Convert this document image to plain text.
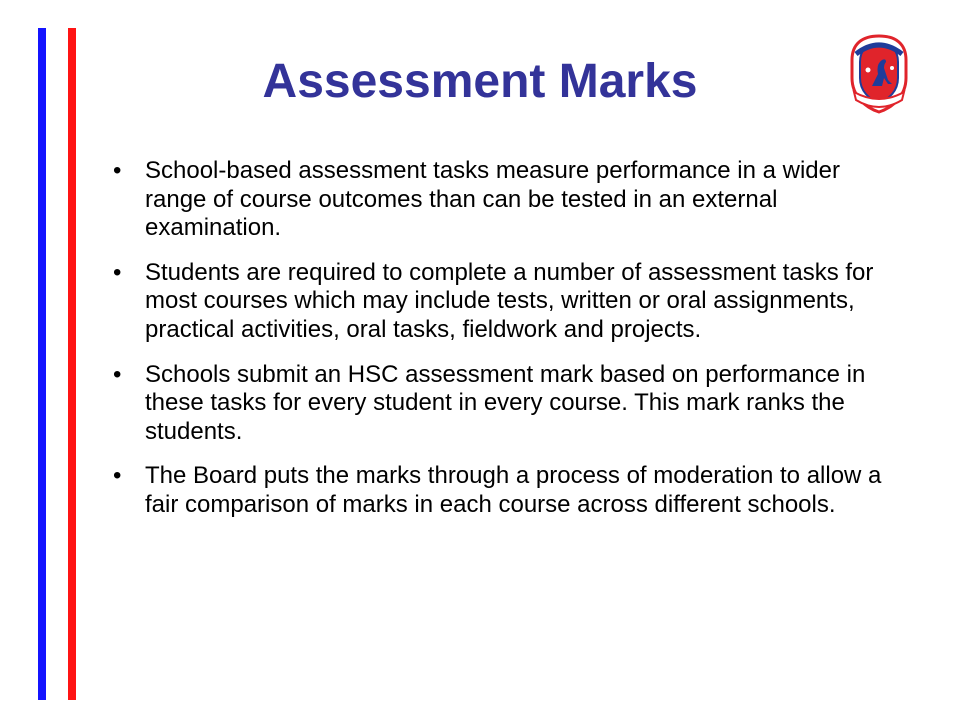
Assessment Marks
• School-based assessment tasks measure performance in a wider range of course outcomes than can be tested in an external examination.
• Students are required to complete a number of assessment tasks for most courses which may include tests, written or oral assignments, practical activities, oral tasks, fieldwork and projects.
• Schools submit an HSC assessment mark based on performance in these tasks for every student in every course. This mark ranks the students.
• The Board puts the marks through a process of moderation to allow a fair comparison of marks in each course across different schools.
